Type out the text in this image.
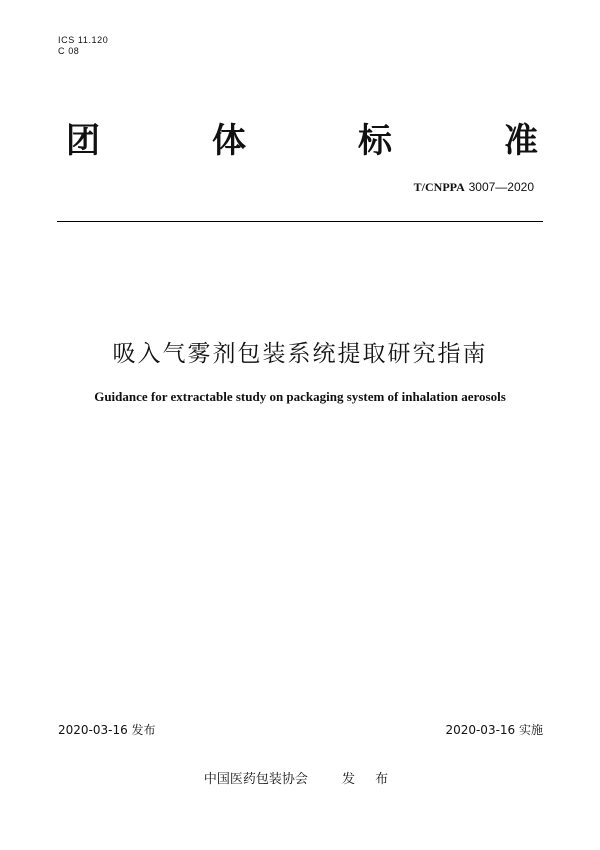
ICS 11.120
C 08
团	体	标	准
T/CNPPA 3007—2020
吸入气雾剂包装系统提取研究指南
Guidance for extractable study on packaging system of inhalation aerosols
2020-03-16 发布	2020-03-16 实施
中国医药包装协会	发 布
